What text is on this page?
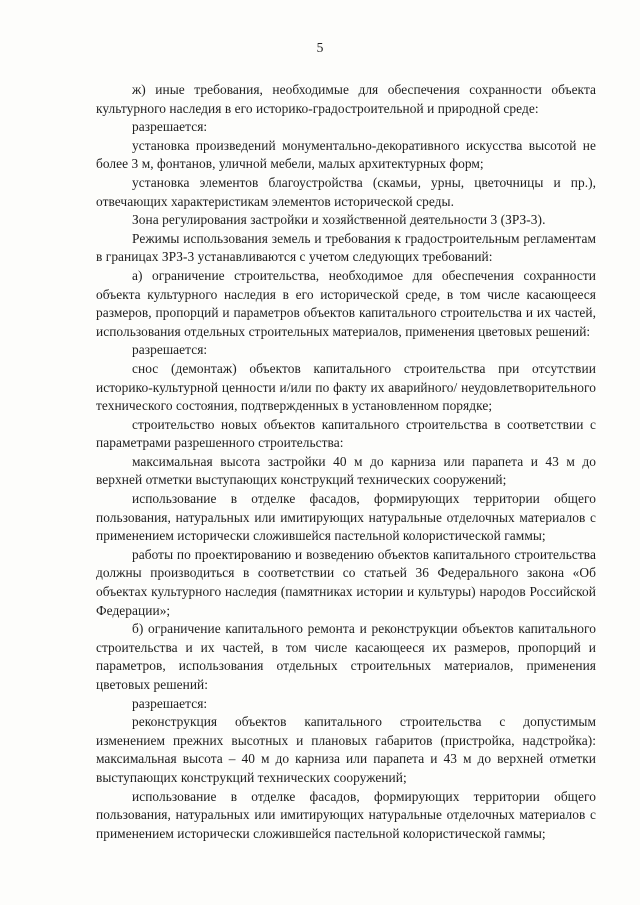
5

ж) иные требования, необходимые для обеспечения сохранности объекта культурного наследия в его историко-градостроительной и природной среде:

разрешается:

установка произведений монументально-декоративного искусства высотой не более 3 м, фонтанов, уличной мебели, малых архитектурных форм;

установка элементов благоустройства (скамьи, урны, цветочницы и пр.), отвечающих характеристикам элементов исторической среды.

Зона регулирования застройки и хозяйственной деятельности 3 (ЗРЗ-3).

Режимы использования земель и требования к градостроительным регламентам в границах ЗРЗ-3 устанавливаются с учетом следующих требований:

а) ограничение строительства, необходимое для обеспечения сохранности объекта культурного наследия в его исторической среде, в том числе касающееся размеров, пропорций и параметров объектов капитального строительства и их частей, использования отдельных строительных материалов, применения цветовых решений:

разрешается:

снос (демонтаж) объектов капитального строительства при отсутствии историко-культурной ценности и/или по факту их аварийного/ неудовлетворительного технического состояния, подтвержденных в установленном порядке;

строительство новых объектов капитального строительства в соответствии с параметрами разрешенного строительства:

максимальная высота застройки 40 м до карниза или парапета и 43 м до верхней отметки выступающих конструкций технических сооружений;

использование в отделке фасадов, формирующих территории общего пользования, натуральных или имитирующих натуральные отделочных материалов с применением исторически сложившейся пастельной колористической гаммы;

работы по проектированию и возведению объектов капитального строительства должны производиться в соответствии со статьей 36 Федерального закона «Об объектах культурного наследия (памятниках истории и культуры) народов Российской Федерации»;

б) ограничение капитального ремонта и реконструкции объектов капитального строительства и их частей, в том числе касающееся их размеров, пропорций и параметров, использования отдельных строительных материалов, применения цветовых решений:

разрешается:

реконструкция объектов капитального строительства с допустимым изменением прежних высотных и плановых габаритов (пристройка, надстройка): максимальная высота – 40 м до карниза или парапета и 43 м до верхней отметки выступающих конструкций технических сооружений;

использование в отделке фасадов, формирующих территории общего пользования, натуральных или имитирующих натуральные отделочных материалов с применением исторически сложившейся пастельной колористической гаммы;
